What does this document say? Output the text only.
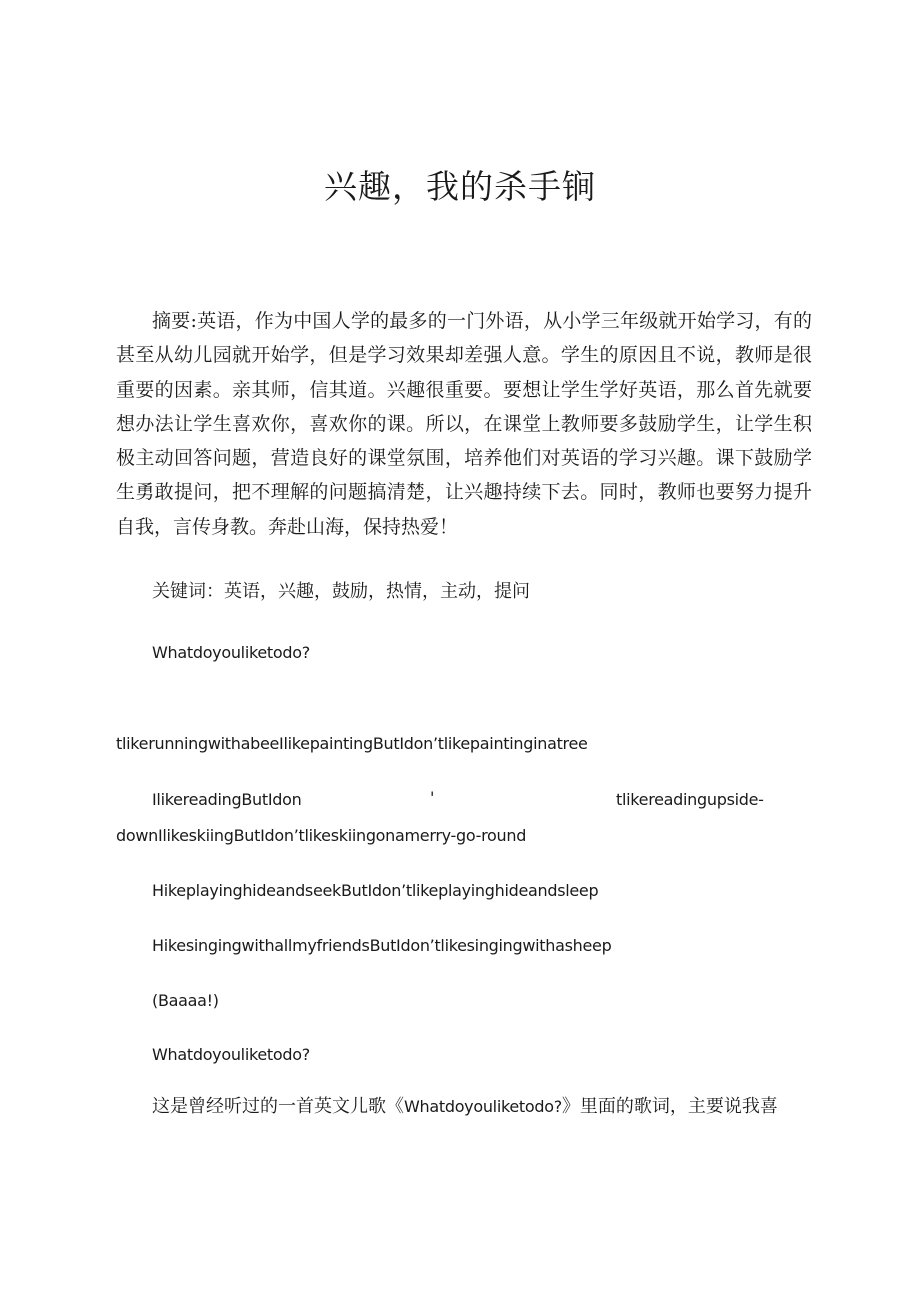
兴趣，我的杀手锏

摘要:英语，作为中国人学的最多的一门外语，从小学三年级就开始学习，有的甚至从幼儿园就开始学，但是学习效果却差强人意。学生的原因且不说，教师是很重要的因素。亲其师，信其道。兴趣很重要。要想让学生学好英语，那么首先就要想办法让学生喜欢你，喜欢你的课。所以，在课堂上教师要多鼓励学生，让学生积极主动回答问题，营造良好的课堂氛围，培养他们对英语的学习兴趣。课下鼓励学生勇敢提问，把不理解的问题搞清楚，让兴趣持续下去。同时，教师也要努力提升自我，言传身教。奔赴山海，保持热爱！

关键词：英语，兴趣，鼓励，热情，主动，提问

Whatdoyouliketodo?

tlikerunningwithabeeIlikepaintingButIdon’tlikepaintinginatree

IlikereadingButIdon	'	tlikereadingupside-

downIlikeskiingButIdon’tlikeskiingonamerry-go-round

HikeplayinghideandseekButIdon’tlikeplayinghideandsleep

HikesingingwithallmyfriendsButIdon’tlikesingingwithasheep

(Baaaa!)

Whatdoyouliketodo?

这是曾经听过的一首英文儿歌《Whatdoyouliketodo?》里面的歌词，主要说我喜
